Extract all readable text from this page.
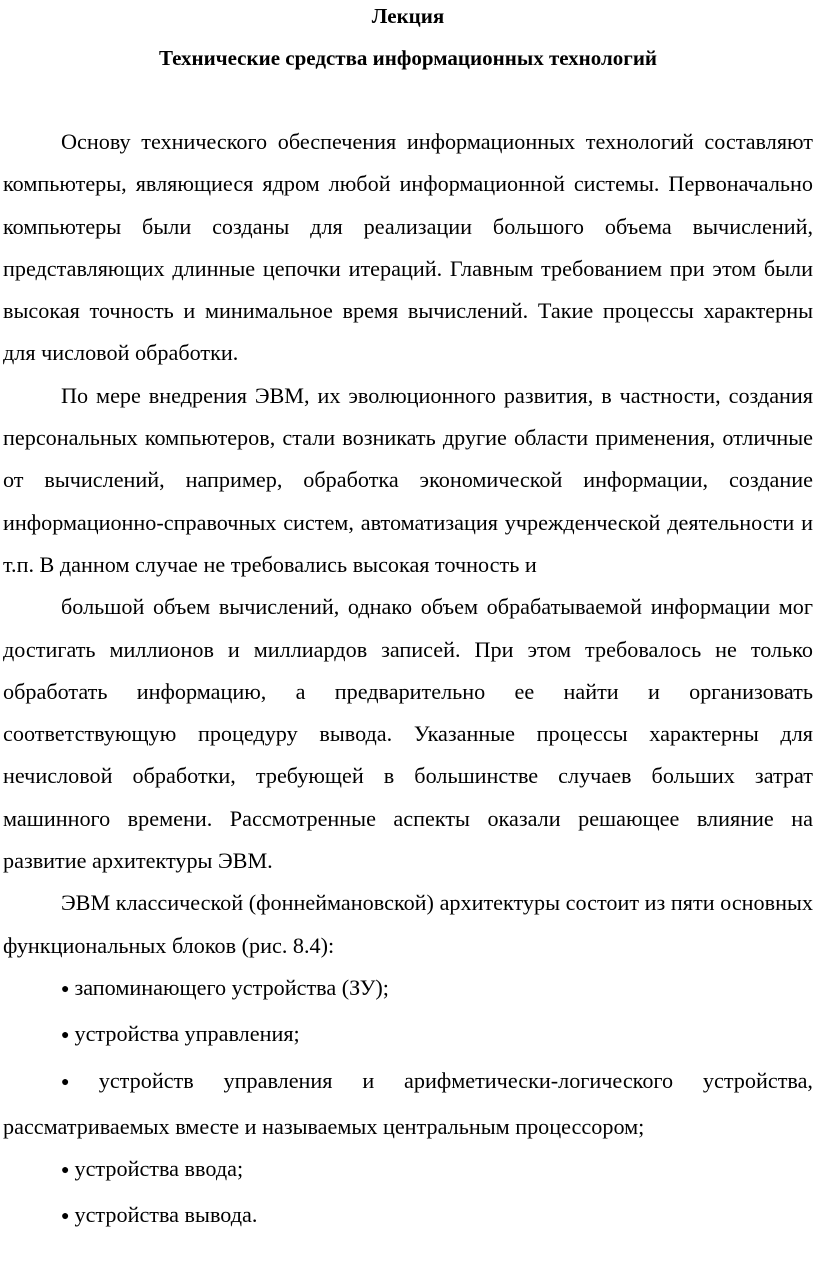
Лекция
Технические средства информационных технологий

Основу технического обеспечения информационных технологий составляют компьютеры, являющиеся ядром любой информационной системы. Первоначально компьютеры были созданы для реализации большого объема вычислений, представляющих длинные цепочки итераций. Главным требованием при этом были высокая точность и минимальное время вычислений. Такие процессы характерны для числовой обработки.

По мере внедрения ЭВМ, их эволюционного развития, в частности, создания персональных компьютеров, стали возникать другие области применения, отличные от вычислений, например, обработка экономической информации, создание информационно-справочных систем, автоматизация учрежденческой деятельности и т.п. В данном случае не требовались высокая точность и

большой объем вычислений, однако объем обрабатываемой информации мог достигать миллионов и миллиардов записей. При этом требовалось не только обработать информацию, а предварительно ее найти и организовать соответствующую процедуру вывода. Указанные процессы характерны для нечисловой обработки, требующей в большинстве случаев больших затрат машинного времени. Рассмотренные аспекты оказали решающее влияние на развитие архитектуры ЭВМ.

ЭВМ классической (фоннеймановской) архитектуры состоит из пяти основных функциональных блоков (рис. 8.4):

● запоминающего устройства (ЗУ);

● устройства управления;

● устройств управления и арифметически-логического устройства, рассматриваемых вместе и называемых центральным процессором;

● устройства ввода;

● устройства вывода.
